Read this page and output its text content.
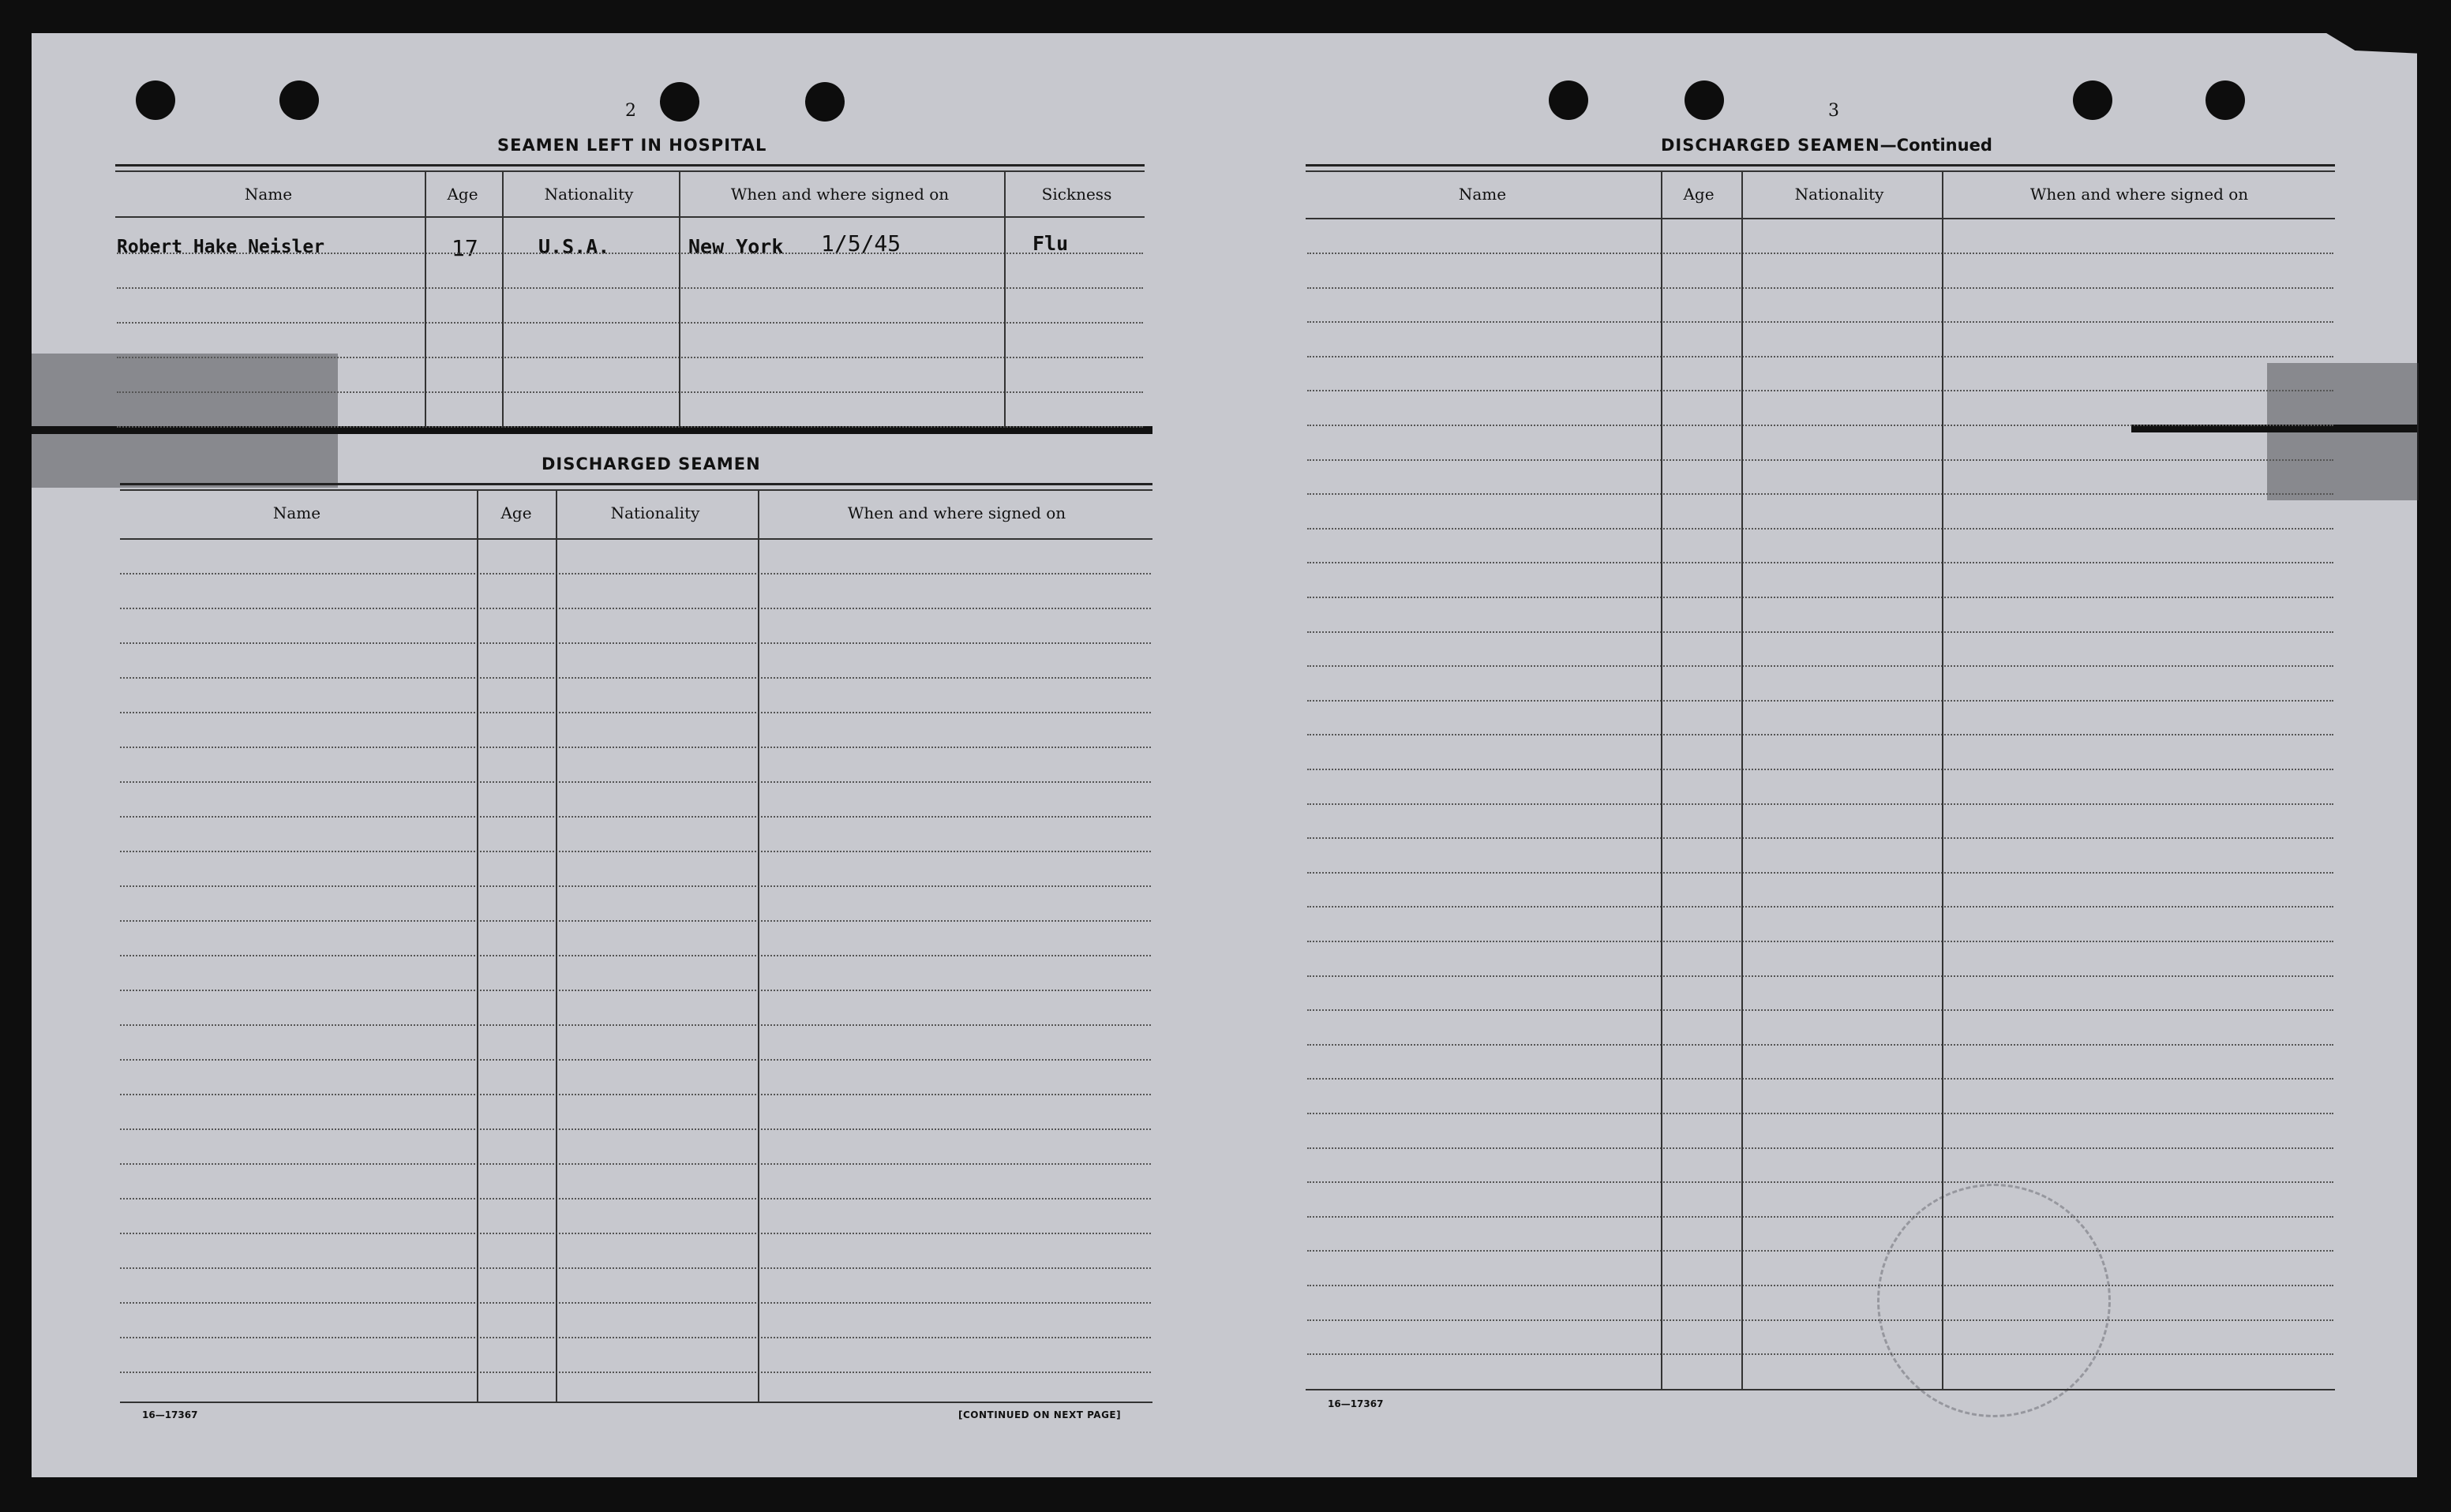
2
SEAMEN LEFT IN HOSPITAL
Name	Age	Nationality	When and where signed on	Sickness
Robert Hake Neisler	17	U.S.A.	New York 1/5/45	Flu
DISCHARGED SEAMEN
Name	Age	Nationality	When and where signed on
16—17367	[CONTINUED ON NEXT PAGE]
3
DISCHARGED SEAMEN—Continued
Name	Age	Nationality	When and where signed on
16—17367
